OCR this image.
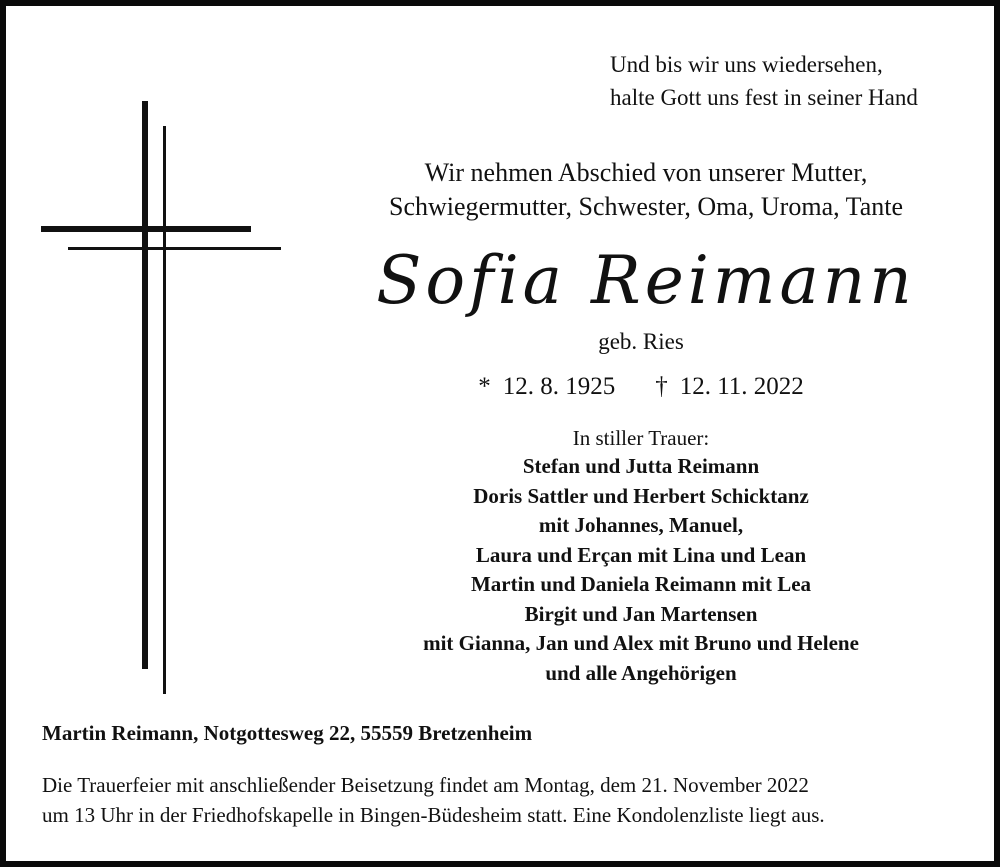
Und bis wir uns wiedersehen,
halte Gott uns fest in seiner Hand
Wir nehmen Abschied von unserer Mutter,
Schwiegermutter, Schwester, Oma, Uroma, Tante
Sofia Reimann
geb. Ries
* 12. 8. 1925 † 12. 11. 2022
In stiller Trauer:
Stefan und Jutta Reimann
Doris Sattler und Herbert Schicktanz
mit Johannes, Manuel,
Laura und Erçan mit Lina und Lean
Martin und Daniela Reimann mit Lea
Birgit und Jan Martensen
mit Gianna, Jan und Alex mit Bruno und Helene
und alle Angehörigen
Martin Reimann, Notgottesweg 22, 55559 Bretzenheim
Die Trauerfeier mit anschließender Beisetzung findet am Montag, dem 21. November 2022
um 13 Uhr in der Friedhofskapelle in Bingen-Büdesheim statt. Eine Kondolenzliste liegt aus.
